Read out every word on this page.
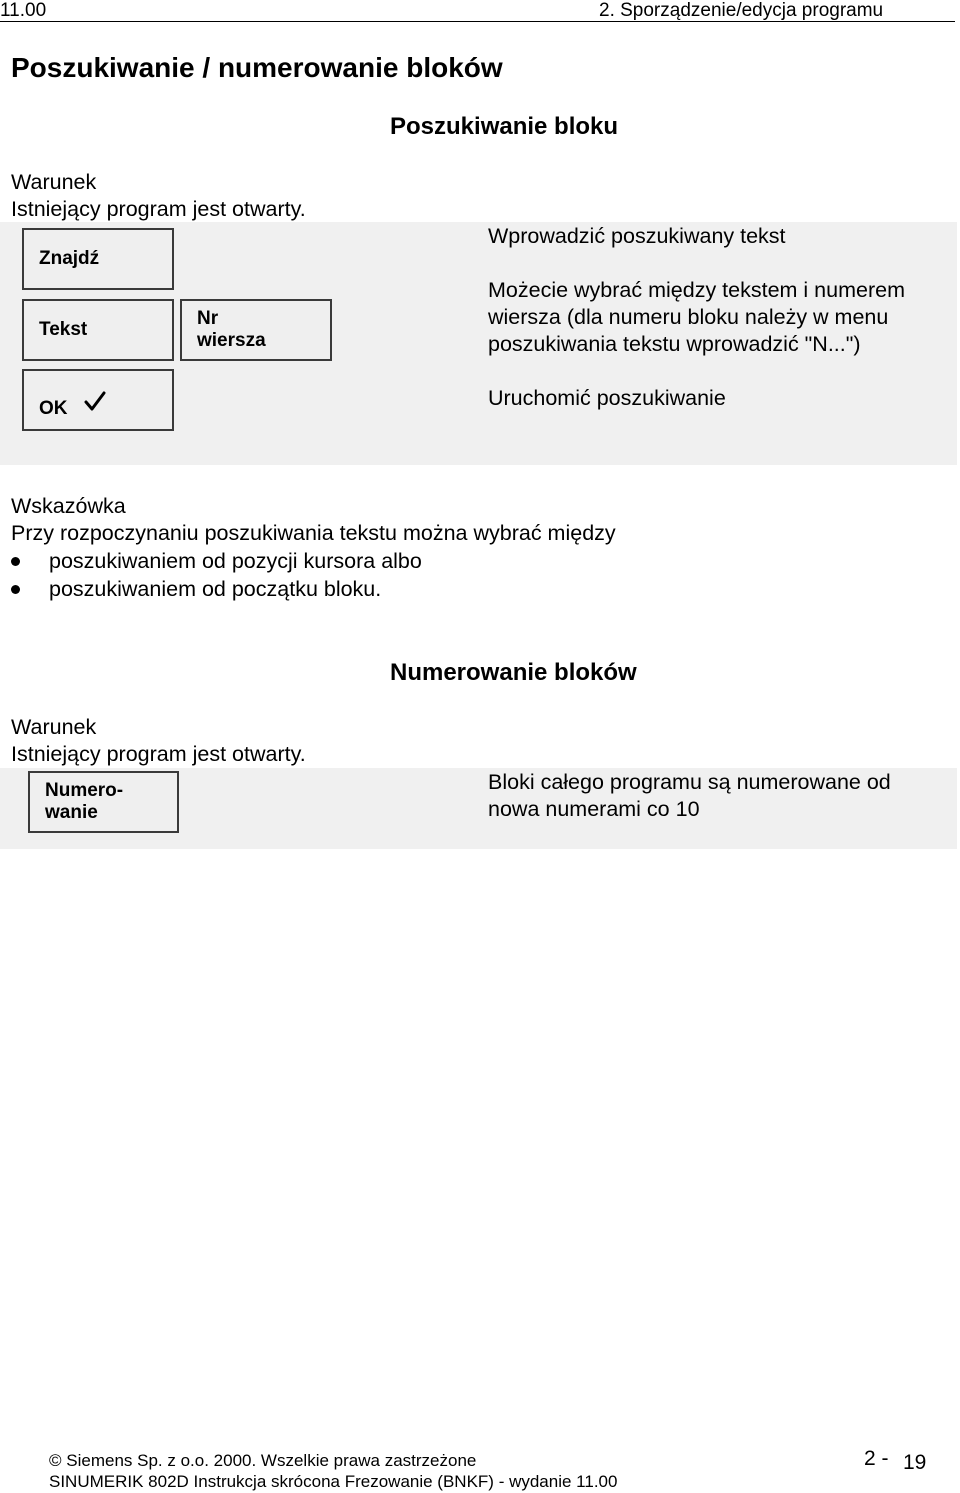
11.00	2. Sporządzenie/edycja programu
Poszukiwanie / numerowanie bloków
Poszukiwanie bloku
Warunek
Istniejący program jest otwarty.
Znajdź
Tekst
Nr
wiersza
OK
Wprowadzić poszukiwany tekst
Możecie wybrać między tekstem i numerem
wiersza (dla numeru bloku należy w menu
poszukiwania tekstu wprowadzić "N...")
Uruchomić poszukiwanie
Wskazówka
Przy rozpoczynaniu poszukiwania tekstu można wybrać między
poszukiwaniem od pozycji kursora albo
poszukiwaniem od początku bloku.
Numerowanie bloków
Warunek
Istniejący program jest otwarty.
Numero-
wanie
Bloki całego programu są numerowane od
nowa numerami co 10
© Siemens Sp. z o.o. 2000. Wszelkie prawa zastrzeżone
SINUMERIK 802D Instrukcja skrócona Frezowanie (BNKF) - wydanie 11.00
2 - 19
